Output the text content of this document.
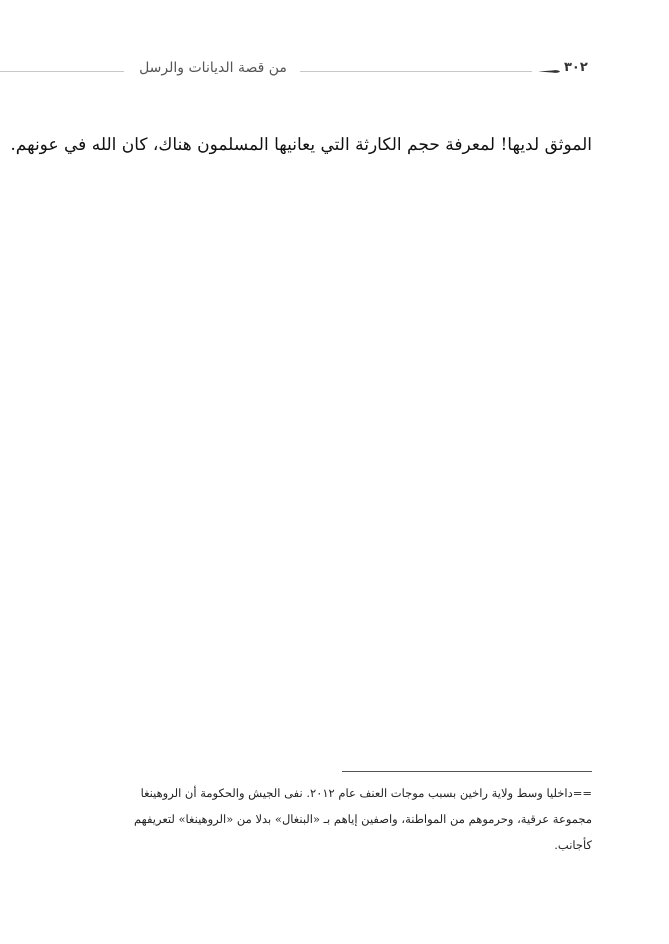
من قصة الديانات والرسل	٣٠٢
الموثق لديها! لمعرفة حجم الكارثة التي يعانيها المسلمون هناك، كان الله في عونهم.
==داخليا وسط ولاية راخين بسبب موجات العنف عام ٢٠١٢. نفى الجيش والحكومة أن الروهينغا
مجموعة عرقية، وحرموهم من المواطنة، واصفين إياهم بـ «البنغال» بدلا من «الروهينغا» لتعريفهم
كأجانب.
